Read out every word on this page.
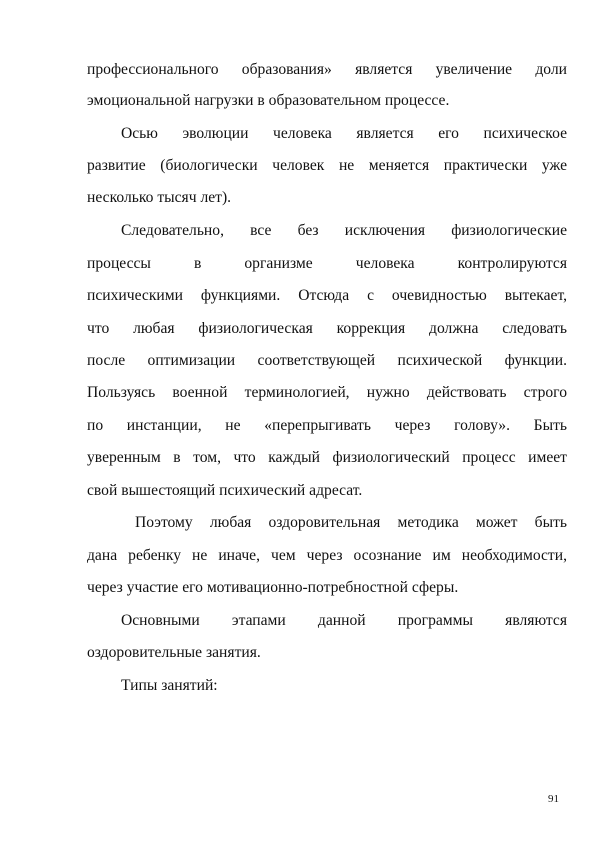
профессионального образования» является увеличение доли
эмоциональной нагрузки в образовательном процессе.
Осью эволюции человека является его психическое
развитие (биологически человек не меняется практически уже
несколько тысяч лет).
Следовательно, все без исключения физиологические
процессы в организме человека контролируются
психическими функциями. Отсюда с очевидностью вытекает,
что любая физиологическая коррекция должна следовать
после оптимизации соответствующей психической функции.
Пользуясь военной терминологией, нужно действовать строго
по инстанции, не «перепрыгивать через голову». Быть
уверенным в том, что каждый физиологический процесс имеет
свой вышестоящий психический адресат.
Поэтому любая оздоровительная методика может быть
дана ребенку не иначе, чем через осознание им необходимости,
через участие его мотивационно-потребностной сферы.
Основными этапами данной программы являются
оздоровительные занятия.
Типы занятий:
91
